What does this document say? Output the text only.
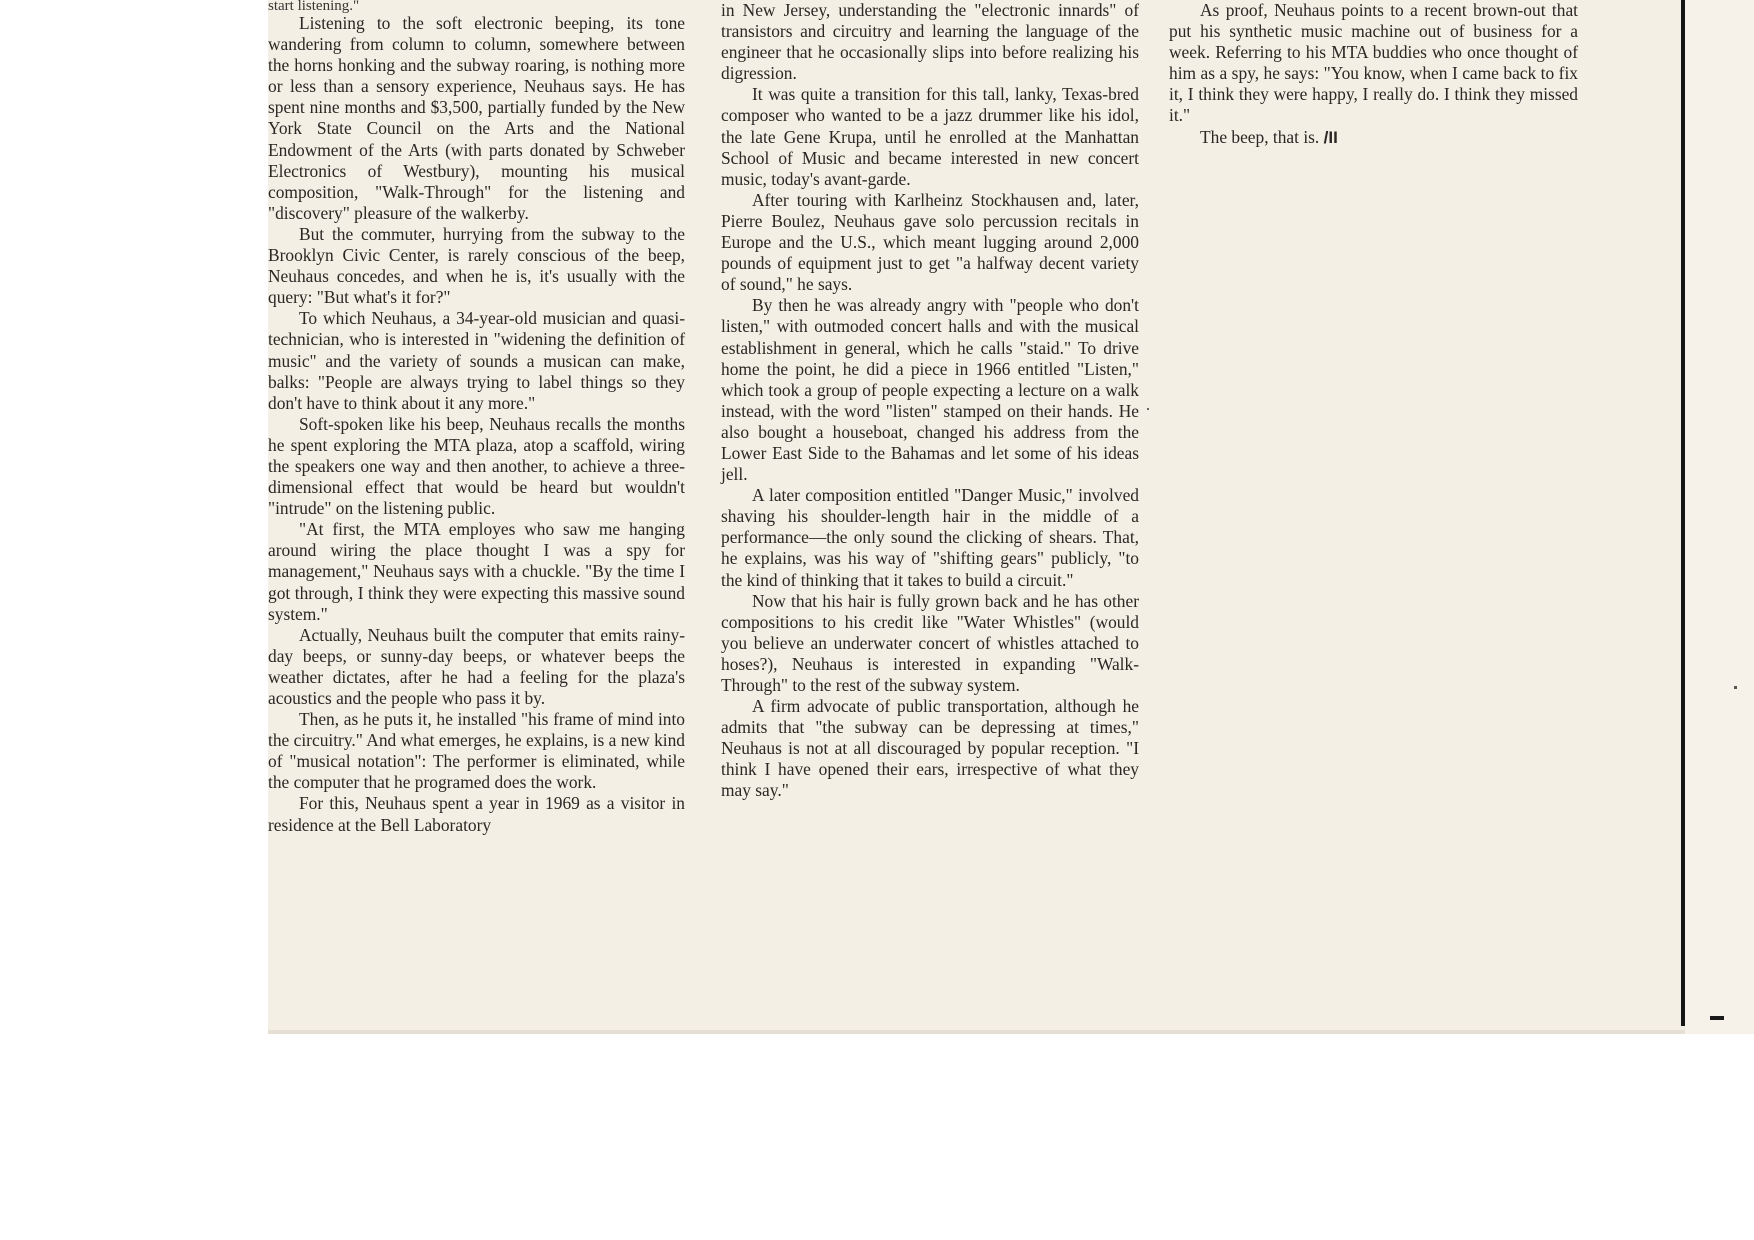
start listening."

Listening to the soft electronic beeping, its tone wandering from column to column, somewhere between the horns honking and the subway roaring, is nothing more or less than a sensory experience, Neuhaus says. He has spent nine months and $3,500, partially funded by the New York State Council on the Arts and the National Endowment of the Arts (with parts donated by Schweber Electronics of Westbury), mounting his musical composition, "Walk-Through" for the listening and "discovery" pleasure of the walkerby.

But the commuter, hurrying from the subway to the Brooklyn Civic Center, is rarely conscious of the beep, Neuhaus concedes, and when he is, it's usually with the query: "But what's it for?"

To which Neuhaus, a 34-year-old musician and quasi-technician, who is interested in "widening the definition of music" and the variety of sounds a musican can make, balks: "People are always trying to label things so they don't have to think about it any more."

Soft-spoken like his beep, Neuhaus recalls the months he spent exploring the MTA plaza, atop a scaffold, wiring the speakers one way and then another, to achieve a three-dimensional effect that would be heard but wouldn't "intrude" on the listening public.

"At first, the MTA employes who saw me hanging around wiring the place thought I was a spy for management," Neuhaus says with a chuckle. "By the time I got through, I think they were expecting this massive sound system."

Actually, Neuhaus built the computer that emits rainy-day beeps, or sunny-day beeps, or whatever beeps the weather dictates, after he had a feeling for the plaza's acoustics and the people who pass it by.

Then, as he puts it, he installed "his frame of mind into the circuitry." And what emerges, he explains, is a new kind of "musical notation": The performer is eliminated, while the computer that he programed does the work.

For this, Neuhaus spent a year in 1969 as a visitor in residence at the Bell Laboratory

in New Jersey, understanding the "electronic innards" of transistors and circuitry and learning the language of the engineer that he occasionally slips into before realizing his digression.

It was quite a transition for this tall, lanky, Texas-bred composer who wanted to be a jazz drummer like his idol, the late Gene Krupa, until he enrolled at the Manhattan School of Music and became interested in new concert music, today's avant-garde.

After touring with Karlheinz Stockhausen and, later, Pierre Boulez, Neuhaus gave solo percussion recitals in Europe and the U.S., which meant lugging around 2,000 pounds of equipment just to get "a halfway decent variety of sound," he says.

By then he was already angry with "people who don't listen," with outmoded concert halls and with the musical establishment in general, which he calls "staid." To drive home the point, he did a piece in 1966 entitled "Listen," which took a group of people expecting a lecture on a walk instead, with the word "listen" stamped on their hands. He also bought a houseboat, changed his address from the Lower East Side to the Bahamas and let some of his ideas jell.

A later composition entitled "Danger Music," involved shaving his shoulder-length hair in the middle of a performance—the only sound the clicking of shears. That, he explains, was his way of "shifting gears" publicly, "to the kind of thinking that it takes to build a circuit."

Now that his hair is fully grown back and he has other compositions to his credit like "Water Whistles" (would you believe an underwater concert of whistles attached to hoses?), Neuhaus is interested in expanding "Walk-Through" to the rest of the subway system.

A firm advocate of public transportation, although he admits that "the subway can be depressing at times," Neuhaus is not at all discouraged by popular reception. "I think I have opened their ears, irrespective of what they may say."

As proof, Neuhaus points to a recent brown-out that put his synthetic music machine out of business for a week. Referring to his MTA buddies who once thought of him as a spy, he says: "You know, when I came back to fix it, I think they were happy, I really do. I think they missed it."

The beep, that is. /II
